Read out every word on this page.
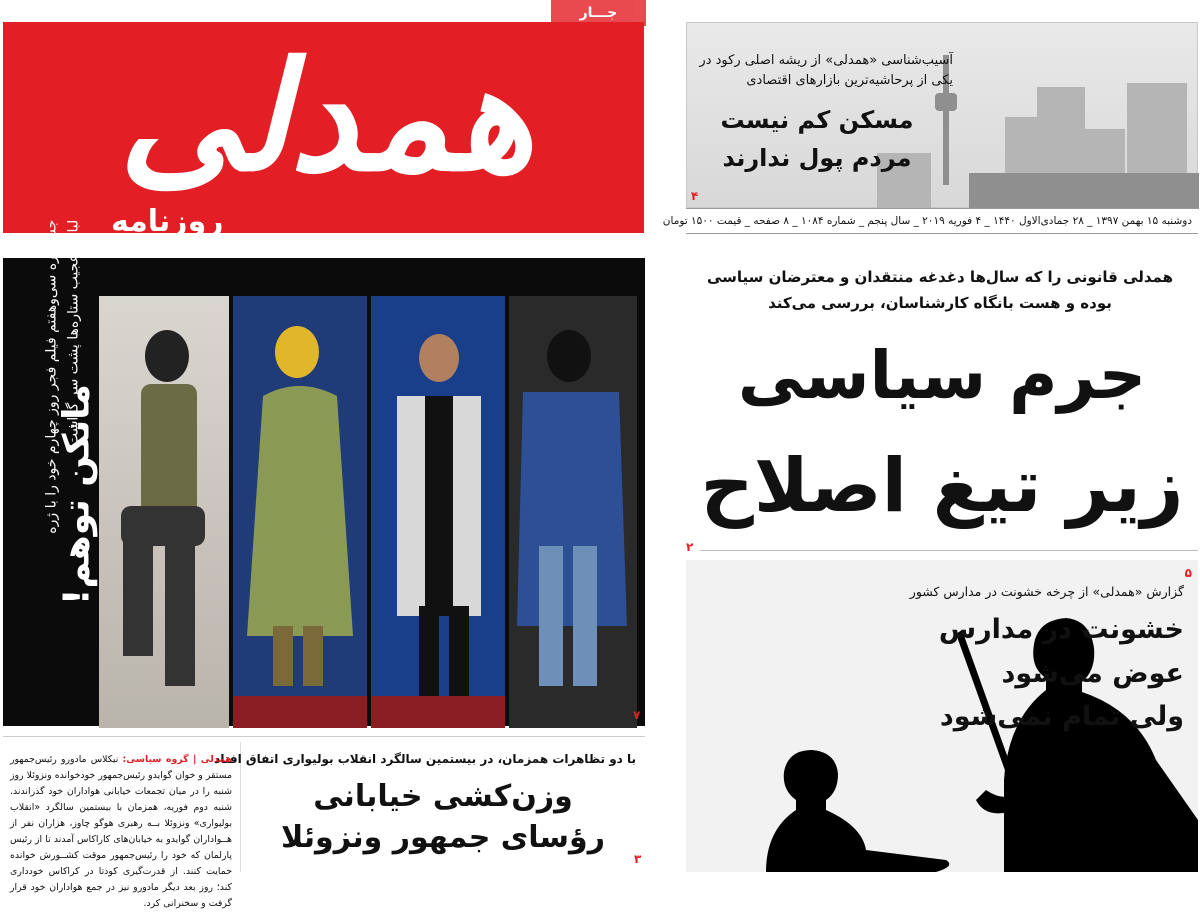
جـــار
همدلی
روزنامه
روزنامه سیاسی، اقتصادی، اجتماعی و فرهنگی صبح ایران
آسیب‌شناسی «همدلی» از ریشه اصلی رکود در یکی از پرحاشیه‌ترین بازارهای اقتصادی
مسکن کم نیست
مردم پول ندارند
۴
دوشنبه ۱۵ بهمن ۱۳۹۷ _ ۲۸ جمادی‌الاول ۱۴۴۰ _ ۴ فوریه ۲۰۱۹ _ سال پنجم _ شماره ۱۰۸۴ _ ۸ صفحه _ قیمت ۱۵۰۰ تومان
همدلی قانونی را که سال‌ها دغدغه منتقدان و معترضان سیاسی بوده و هست بانگاه کارشناسان، بررسی می‌کند
جرم سیاسی
زیر تیغ اصلاح
۲
۵
گزارش «همدلی» از چرخه خشونت در مدارس کشور
خشونت در مدارس
عوض می‌شود
ولی تمام نمی‌شود
مانکن توهم!
جشنواره سی‌وهفتم فیلم فجر روز چهارم خود را با ژره لباس عجیب ستاره‌ها پشت سر گذاشت
۷
با دو تظاهرات همزمان، در بیستمین سالگرد انقلاب بولیواری اتفاق افتاد
وزن‌کشی خیابانی
رؤسای جمهور ونزوئلا
همدلی | گروه سیاسی: نیکلاس مادورو رئیس‌جمهور مستقر و خوان گوایدو رئیس‌جمهور خودخوانده ونزوئلا روز شنبه را در میان تجمعات خیابانی هواداران خود گذراندند. شنبه دوم فوریه، همزمان با بیستمین سالگرد «انقلاب بولیواری» ونزوئلا بــه رهبری هوگو چاوز، هزاران نفر از هــواداران گوایدو به خیابان‌های کاراکاس آمدند تا از رئیس پارلمان که خود را رئیس‌جمهور موقت کشــورش خوانده حمایت کنند. از قدرت‌گیری کودتا در کراکاس خودداری کند؛ روز بعد دیگر مادورو نیز در جمع هواداران خود قرار گرفت و سخنرانی کرد.
۳
